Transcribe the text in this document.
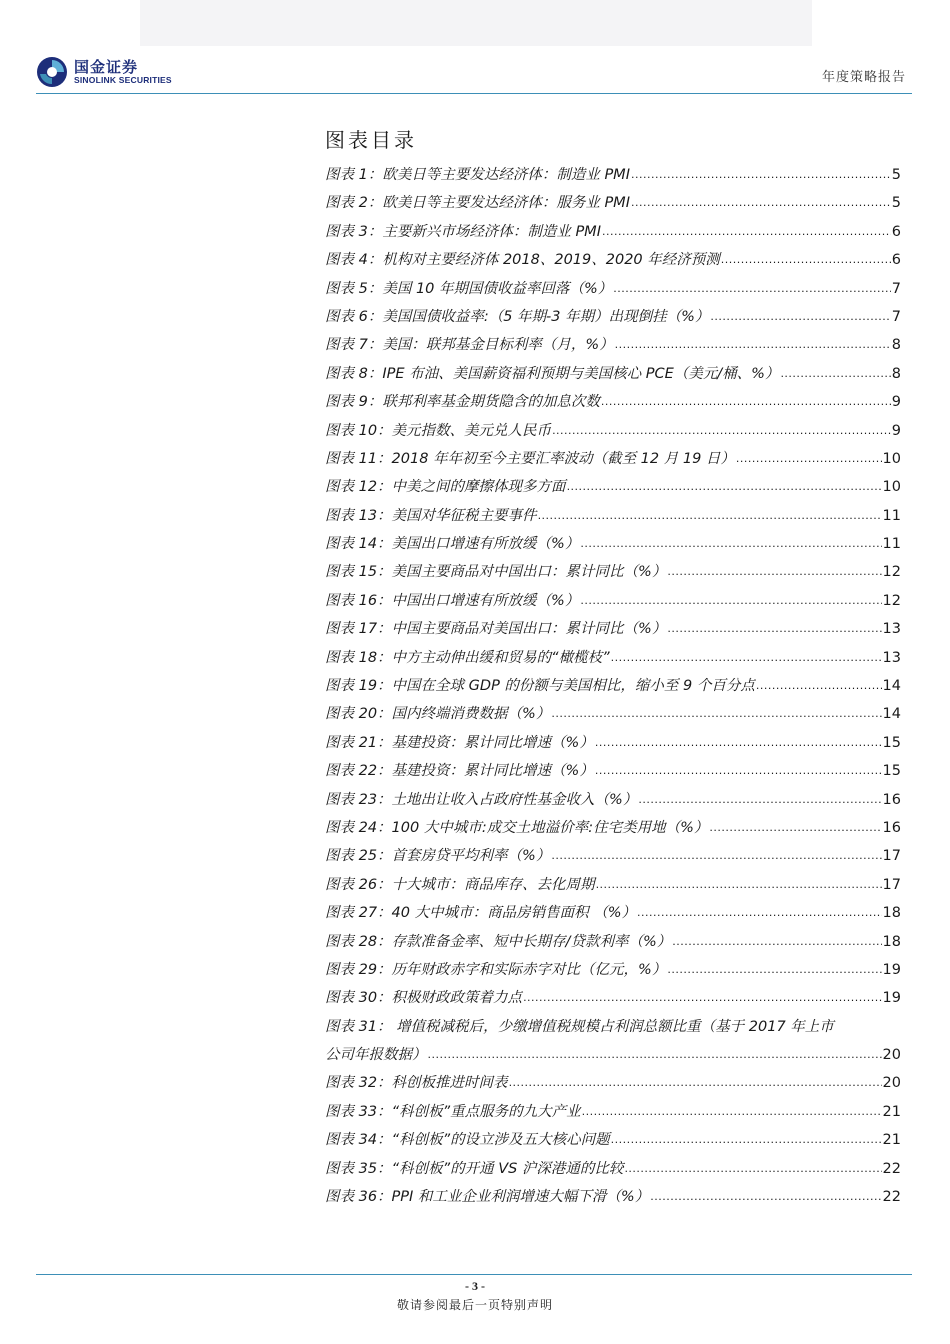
国金证券
SINOLINK SECURITIES	年度策略报告
图表目录
图表 1：欧美日等主要发达经济体：制造业 PMI .....	5
图表 2：欧美日等主要发达经济体：服务业 PMI .....	5
图表 3：主要新兴市场经济体：制造业 PMI .....	6
图表 4：机构对主要经济体 2018、2019、2020 年经济预测 .....	6
图表 5：美国 10 年期国债收益率回落（%） .....	7
图表 6：美国国债收益率:（5 年期-3 年期）出现倒挂（%） .....	7
图表 7：美国：联邦基金目标利率（月，%） .....	8
图表 8：IPE 布油、美国薪资福利预期与美国核心 PCE（美元/桶、%） .....	8
图表 9：联邦利率基金期货隐含的加息次数 .....	9
图表 10：美元指数、美元兑人民币 .....	9
图表 11：2018 年年初至今主要汇率波动（截至 12 月 19 日） .....	10
图表 12：中美之间的摩擦体现多方面 .....	10
图表 13：美国对华征税主要事件 .....	11
图表 14：美国出口增速有所放缓（%） .....	11
图表 15：美国主要商品对中国出口：累计同比（%） .....	12
图表 16：中国出口增速有所放缓（%） .....	12
图表 17：中国主要商品对美国出口：累计同比（%） .....	13
图表 18：中方主动伸出缓和贸易的“橄榄枝” .....	13
图表 19：中国在全球 GDP 的份额与美国相比，缩小至 9 个百分点 .....	14
图表 20：国内终端消费数据（%） .....	14
图表 21：基建投资：累计同比增速（%） .....	15
图表 22：基建投资：累计同比增速（%） .....	15
图表 23：土地出让收入占政府性基金收入（%） .....	16
图表 24：100 大中城市:成交土地溢价率:住宅类用地（%） .....	16
图表 25：首套房贷平均利率（%） .....	17
图表 26：十大城市：商品库存、去化周期 .....	17
图表 27：40 大中城市：商品房销售面积 （%） .....	18
图表 28：存款准备金率、短中长期存/贷款利率（%） .....	18
图表 29：历年财政赤字和实际赤字对比（亿元，%） .....	19
图表 30：积极财政政策着力点 .....	19
图表 31： 增值税减税后，少缴增值税规模占利润总额比重（基于 2017 年上市
公司年报数据） .....	20
图表 32：科创板推进时间表 .....	20
图表 33：“科创板”重点服务的九大产业 .....	21
图表 34：“科创板”的设立涉及五大核心问题 .....	21
图表 35：“科创板”的开通 VS 沪深港通的比较 .....	22
图表 36：PPI 和工业企业利润增速大幅下滑（%） .....	22
- 3 -
敬请参阅最后一页特别声明
